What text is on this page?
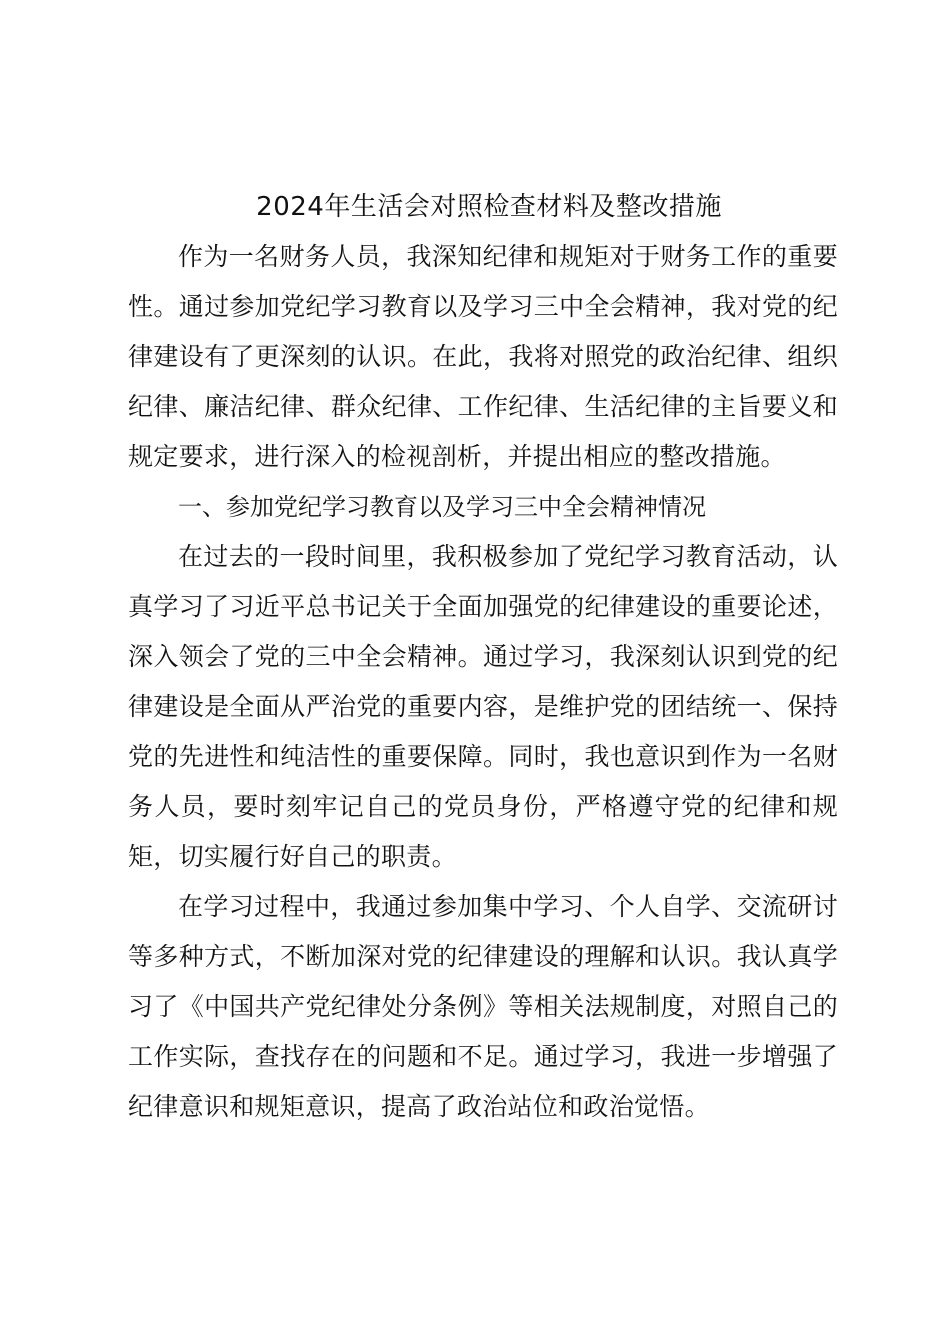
2024年生活会对照检查材料及整改措施

作为一名财务人员，我深知纪律和规矩对于财务工作的重要性。通过参加党纪学习教育以及学习三中全会精神，我对党的纪律建设有了更深刻的认识。在此，我将对照党的政治纪律、组织纪律、廉洁纪律、群众纪律、工作纪律、生活纪律的主旨要义和规定要求，进行深入的检视剖析，并提出相应的整改措施。

一、参加党纪学习教育以及学习三中全会精神情况

在过去的一段时间里，我积极参加了党纪学习教育活动，认真学习了习近平总书记关于全面加强党的纪律建设的重要论述，深入领会了党的三中全会精神。通过学习，我深刻认识到党的纪律建设是全面从严治党的重要内容，是维护党的团结统一、保持党的先进性和纯洁性的重要保障。同时，我也意识到作为一名财务人员，要时刻牢记自己的党员身份，严格遵守党的纪律和规矩，切实履行好自己的职责。

在学习过程中，我通过参加集中学习、个人自学、交流研讨等多种方式，不断加深对党的纪律建设的理解和认识。我认真学习了《中国共产党纪律处分条例》等相关法规制度，对照自己的工作实际，查找存在的问题和不足。通过学习，我进一步增强了纪律意识和规矩意识，提高了政治站位和政治觉悟。
